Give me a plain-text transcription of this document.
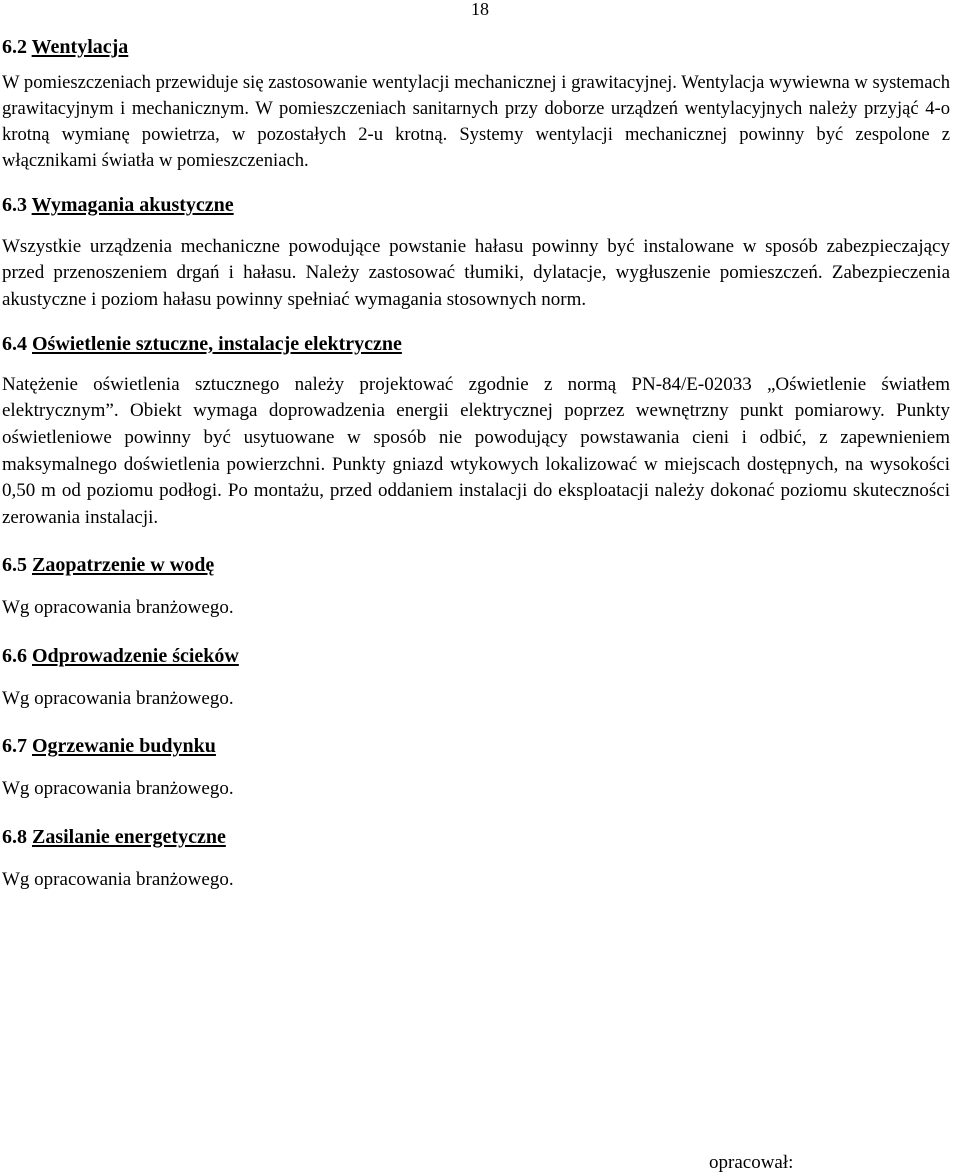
18
6.2 Wentylacja

W pomieszczeniach przewiduje się zastosowanie wentylacji mechanicznej i grawitacyjnej. Wentylacja wywiewna w systemach grawitacyjnym i mechanicznym. W pomieszczeniach sanitarnych przy doborze urządzeń wentylacyjnych należy przyjąć 4-o krotną wymianę powietrza, w pozostałych 2-u krotną. Systemy wentylacji mechanicznej powinny być zespolone z włącznikami światła w pomieszczeniach.

6.3 Wymagania akustyczne

Wszystkie urządzenia mechaniczne powodujące powstanie hałasu powinny być instalowane w sposób zabezpieczający przed przenoszeniem drgań i hałasu. Należy zastosować tłumiki, dylatacje, wygłuszenie pomieszczeń. Zabezpieczenia akustyczne i poziom hałasu powinny spełniać wymagania stosownych norm.

6.4 Oświetlenie sztuczne, instalacje elektryczne

Natężenie oświetlenia sztucznego należy projektować zgodnie z normą PN-84/E-02033 „Oświetlenie światłem elektrycznym”. Obiekt wymaga doprowadzenia energii elektrycznej poprzez wewnętrzny punkt pomiarowy. Punkty oświetleniowe powinny być usytuowane w sposób nie powodujący powstawania cieni i odbić, z zapewnieniem maksymalnego doświetlenia powierzchni. Punkty gniazd wtykowych lokalizować w miejscach dostępnych, na wysokości 0,50 m od poziomu podłogi. Po montażu, przed oddaniem instalacji do eksploatacji należy dokonać poziomu skuteczności zerowania instalacji.

6.5 Zaopatrzenie w wodę

Wg opracowania branżowego.

6.6 Odprowadzenie ścieków

Wg opracowania branżowego.

6.7 Ogrzewanie budynku

Wg opracowania branżowego.

6.8 Zasilanie energetyczne

Wg opracowania branżowego.

opracował:
